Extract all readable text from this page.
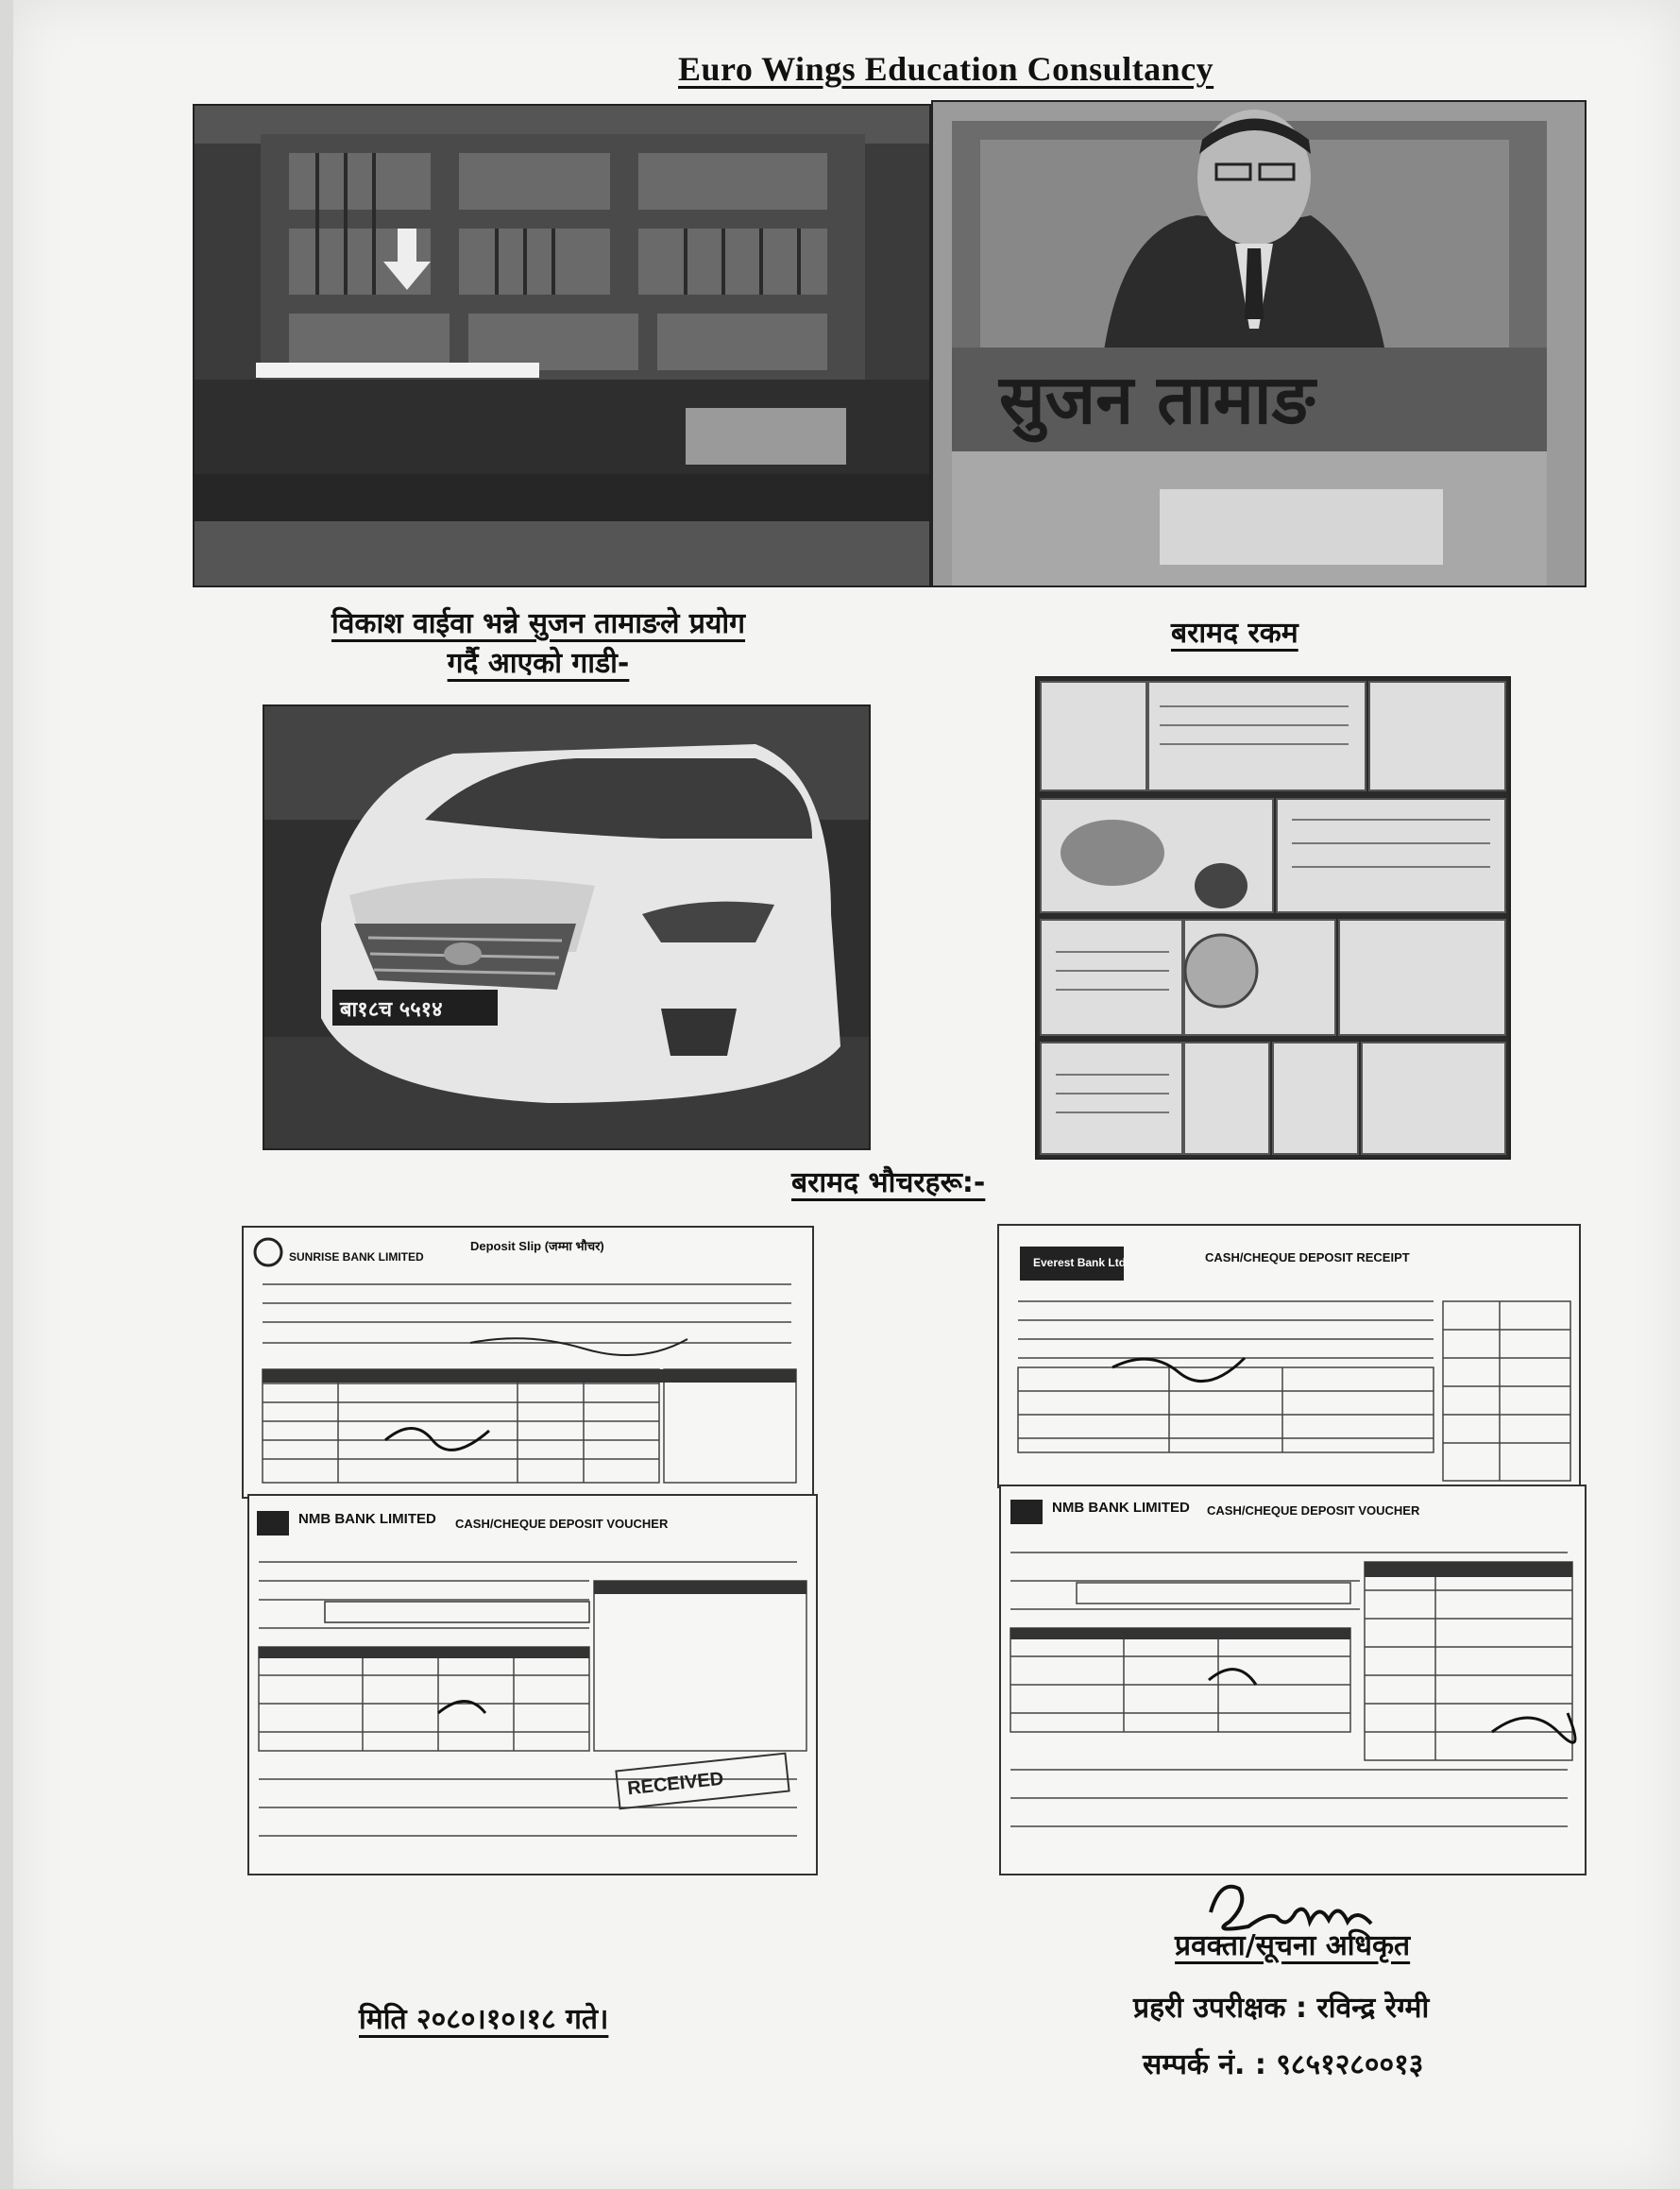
Euro Wings Education Consultancy
सुजन तामाङ
विकाश वाईवा भन्ने सुजन तामाङले प्रयोग
गर्दै आएको गाडी-
बरामद रकम
बा१८च ५५१४
बरामद भौचरहरू:-
SUNRISE BANK LIMITED
Deposit Slip (जम्मा भौचर)
RECEIVED
NMB BANK LIMITED CASH/CHEQUE DEPOSIT VOUCHER
Everest Bank Ltd.	CASH/CHEQUE DEPOSIT RECEIPT
NMB BANK LIMITED CASH/CHEQUE DEPOSIT VOUCHER
मिति २०८०।१०।१८ गते।
प्रवक्ता/सूचना अधिकृत
प्रहरी उपरीक्षक : रविन्द्र रेग्मी
सम्पर्क नं. : ९८५१२८००१३
